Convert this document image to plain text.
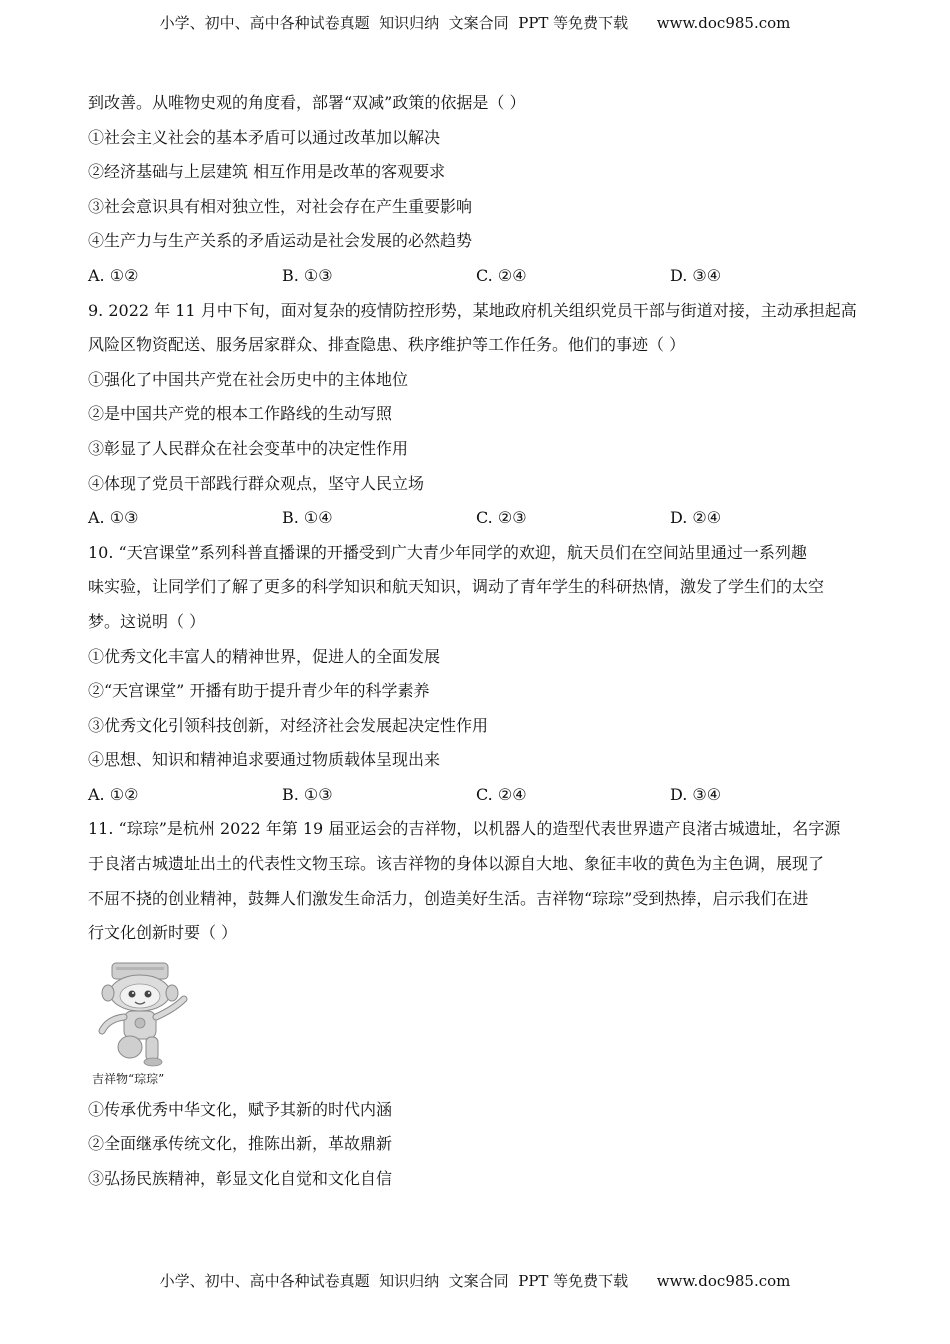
小学、初中、高中各种试卷真题  知识归纳  文案合同  PPT 等免费下载      www.doc985.com
到改善。从唯物史观的角度看，部署“双减”政策的依据是（ ）
①社会主义社会的基本矛盾可以通过改革加以解决
②经济基础与上层建筑 相互作用是改革的客观要求
③社会意识具有相对独立性，对社会存在产生重要影响
④生产力与生产关系的矛盾运动是社会发展的必然趋势
A. ①②	B. ①③	C. ②④	D. ③④
9. 2022 年 11 月中下旬，面对复杂的疫情防控形势，某地政府机关组织党员干部与街道对接，主动承担起高
风险区物资配送、服务居家群众、排查隐患、秩序维护等工作任务。他们的事迹（ ）
①强化了中国共产党在社会历史中的主体地位
②是中国共产党的根本工作路线的生动写照
③彰显了人民群众在社会变革中的决定性作用
④体现了党员干部践行群众观点，坚守人民立场
A. ①③	B. ①④	C. ②③	D. ②④
10. “天宫课堂”系列科普直播课的开播受到广大青少年同学的欢迎，航天员们在空间站里通过一系列趣
味实验，让同学们了解了更多的科学知识和航天知识，调动了青年学生的科研热情，激发了学生们的太空
梦。这说明（ ）
①优秀文化丰富人的精神世界，促进人的全面发展
②“天宫课堂” 开播有助于提升青少年的科学素养
③优秀文化引领科技创新，对经济社会发展起决定性作用
④思想、知识和精神追求要通过物质载体呈现出来
A. ①②	B. ①③	C. ②④	D. ③④
11. “琮琮”是杭州 2022 年第 19 届亚运会的吉祥物，以机器人的造型代表世界遗产良渚古城遗址，名字源
于良渚古城遗址出土的代表性文物玉琮。该吉祥物的身体以源自大地、象征丰收的黄色为主色调，展现了
不屈不挠的创业精神，鼓舞人们激发生命活力，创造美好生活。吉祥物“琮琮”受到热捧，启示我们在进
行文化创新时要（ ）
吉祥物“琮琮”
①传承优秀中华文化，赋予其新的时代内涵
②全面继承传统文化，推陈出新，革故鼎新
③弘扬民族精神，彰显文化自觉和文化自信
小学、初中、高中各种试卷真题  知识归纳  文案合同  PPT 等免费下载      www.doc985.com
